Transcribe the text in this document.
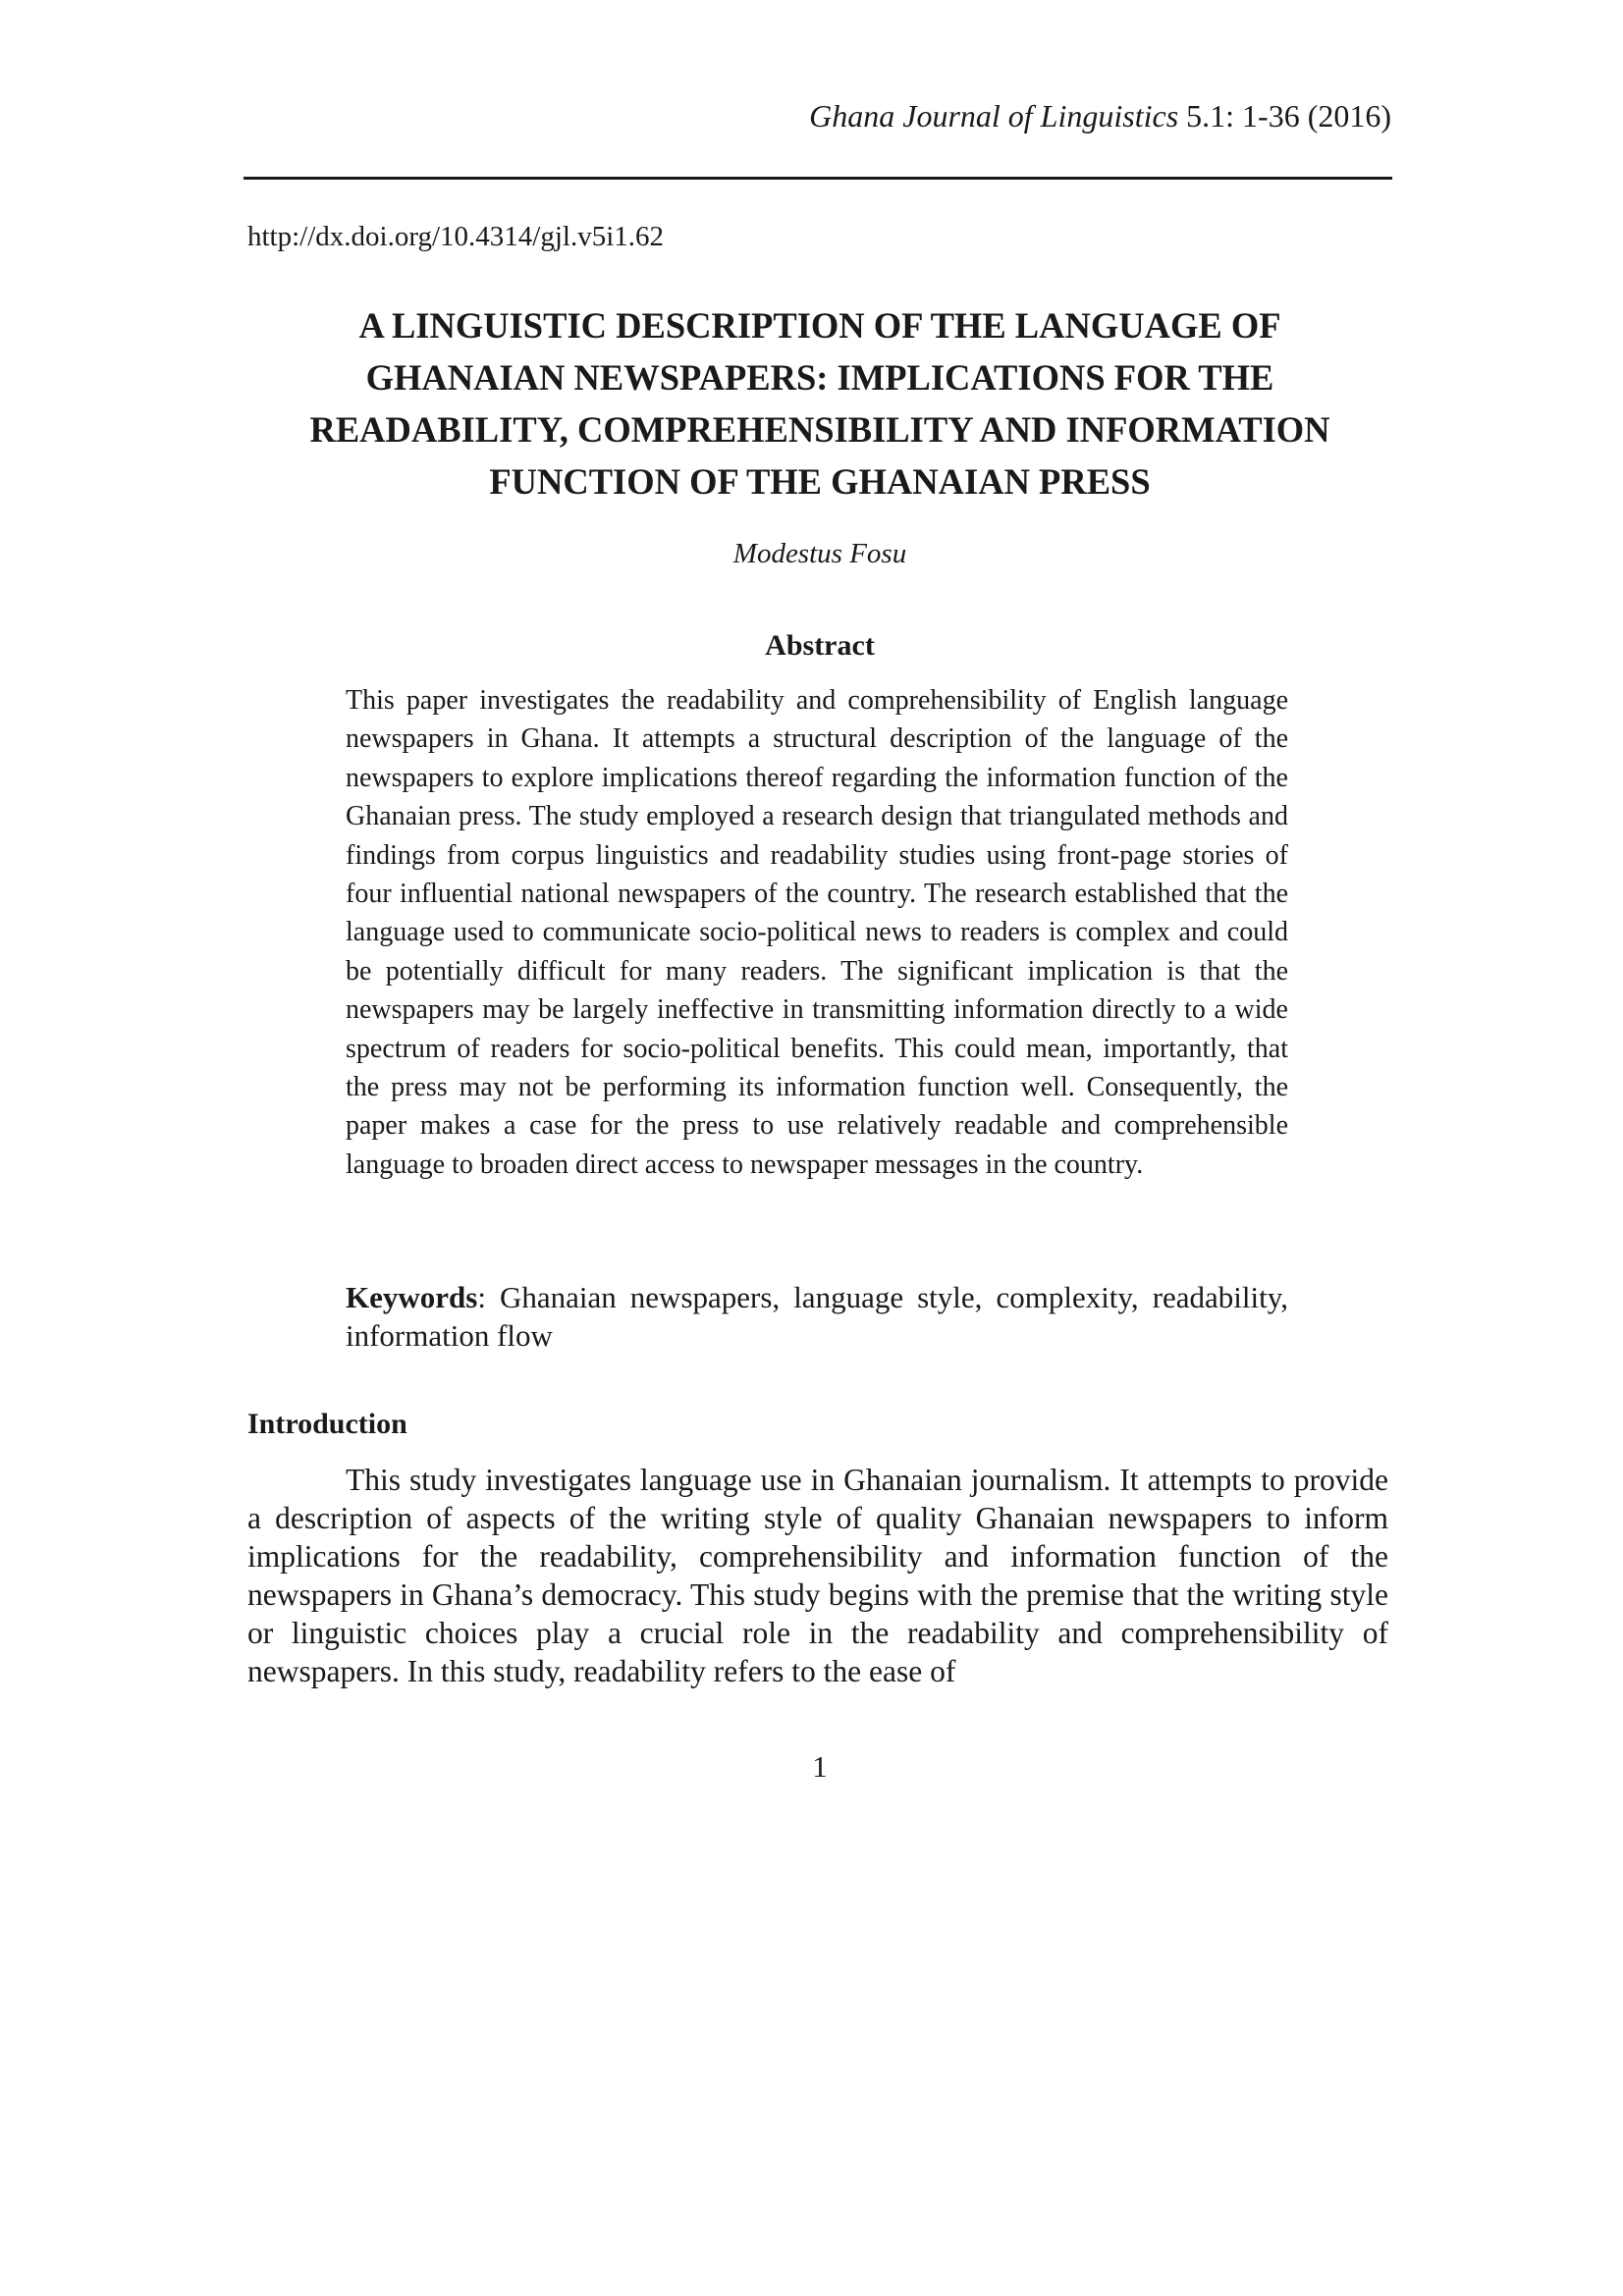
Ghana Journal of Linguistics 5.1: 1-36 (2016)
http://dx.doi.org/10.4314/gjl.v5i1.62
A LINGUISTIC DESCRIPTION OF THE LANGUAGE OF
GHANAIAN NEWSPAPERS: IMPLICATIONS FOR THE
READABILITY, COMPREHENSIBILITY AND INFORMATION
FUNCTION OF THE GHANAIAN PRESS
Modestus Fosu
Abstract

This paper investigates the readability and comprehensibility of English language newspapers in Ghana. It attempts a structural description of the language of the newspapers to explore implications thereof regarding the information function of the Ghanaian press. The study employed a research design that triangulated methods and findings from corpus linguistics and readability studies using front-page stories of four influential national newspapers of the country. The research established that the language used to communicate socio-political news to readers is complex and could be potentially difficult for many readers. The significant implication is that the newspapers may be largely ineffective in transmitting information directly to a wide spectrum of readers for socio-political benefits. This could mean, importantly, that the press may not be performing its information function well. Consequently, the paper makes a case for the press to use relatively readable and comprehensible language to broaden direct access to newspaper messages in the country.

Keywords: Ghanaian newspapers, language style, complexity, readability, information flow

Introduction

This study investigates language use in Ghanaian journalism. It attempts to provide a description of aspects of the writing style of quality Ghanaian newspapers to inform implications for the readability, comprehensibility and information function of the newspapers in Ghana’s democracy. This study begins with the premise that the writing style or linguistic choices play a crucial role in the readability and comprehensibility of newspapers. In this study, readability refers to the ease of

1
